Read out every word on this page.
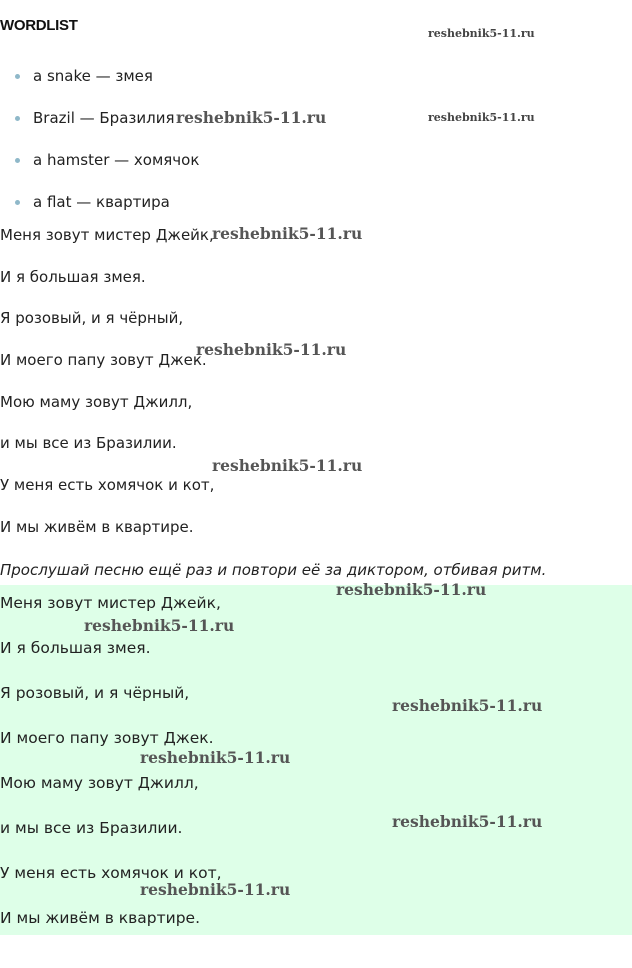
WORDLIST
a snake — змея
Brazil — Бразилия
a hamster — хомячок
a flat — квартира

Меня зовут мистер Джейк,

И я большая змея.

Я розовый, и я чёрный,

И моего папу зовут Джек.

Мою маму зовут Джилл,

и мы все из Бразилии.

У меня есть хомячок и кот,

И мы живём в квартире.

Прослушай песню ещё раз и повтори её за диктором, отбивая ритм.

Меня зовут мистер Джейк,

И я большая змея.

Я розовый, и я чёрный,

И моего папу зовут Джек.

Мою маму зовут Джилл,

и мы все из Бразилии.

У меня есть хомячок и кот,

И мы живём в квартире.

reshebnik5-11.ru
reshebnik5-11.ru
reshebnik5-11.ru
reshebnik5-11.ru
reshebnik5-11.ru
reshebnik5-11.ru
reshebnik5-11.ru
reshebnik5-11.ru
reshebnik5-11.ru
reshebnik5-11.ru
reshebnik5-11.ru
reshebnik5-11.ru
